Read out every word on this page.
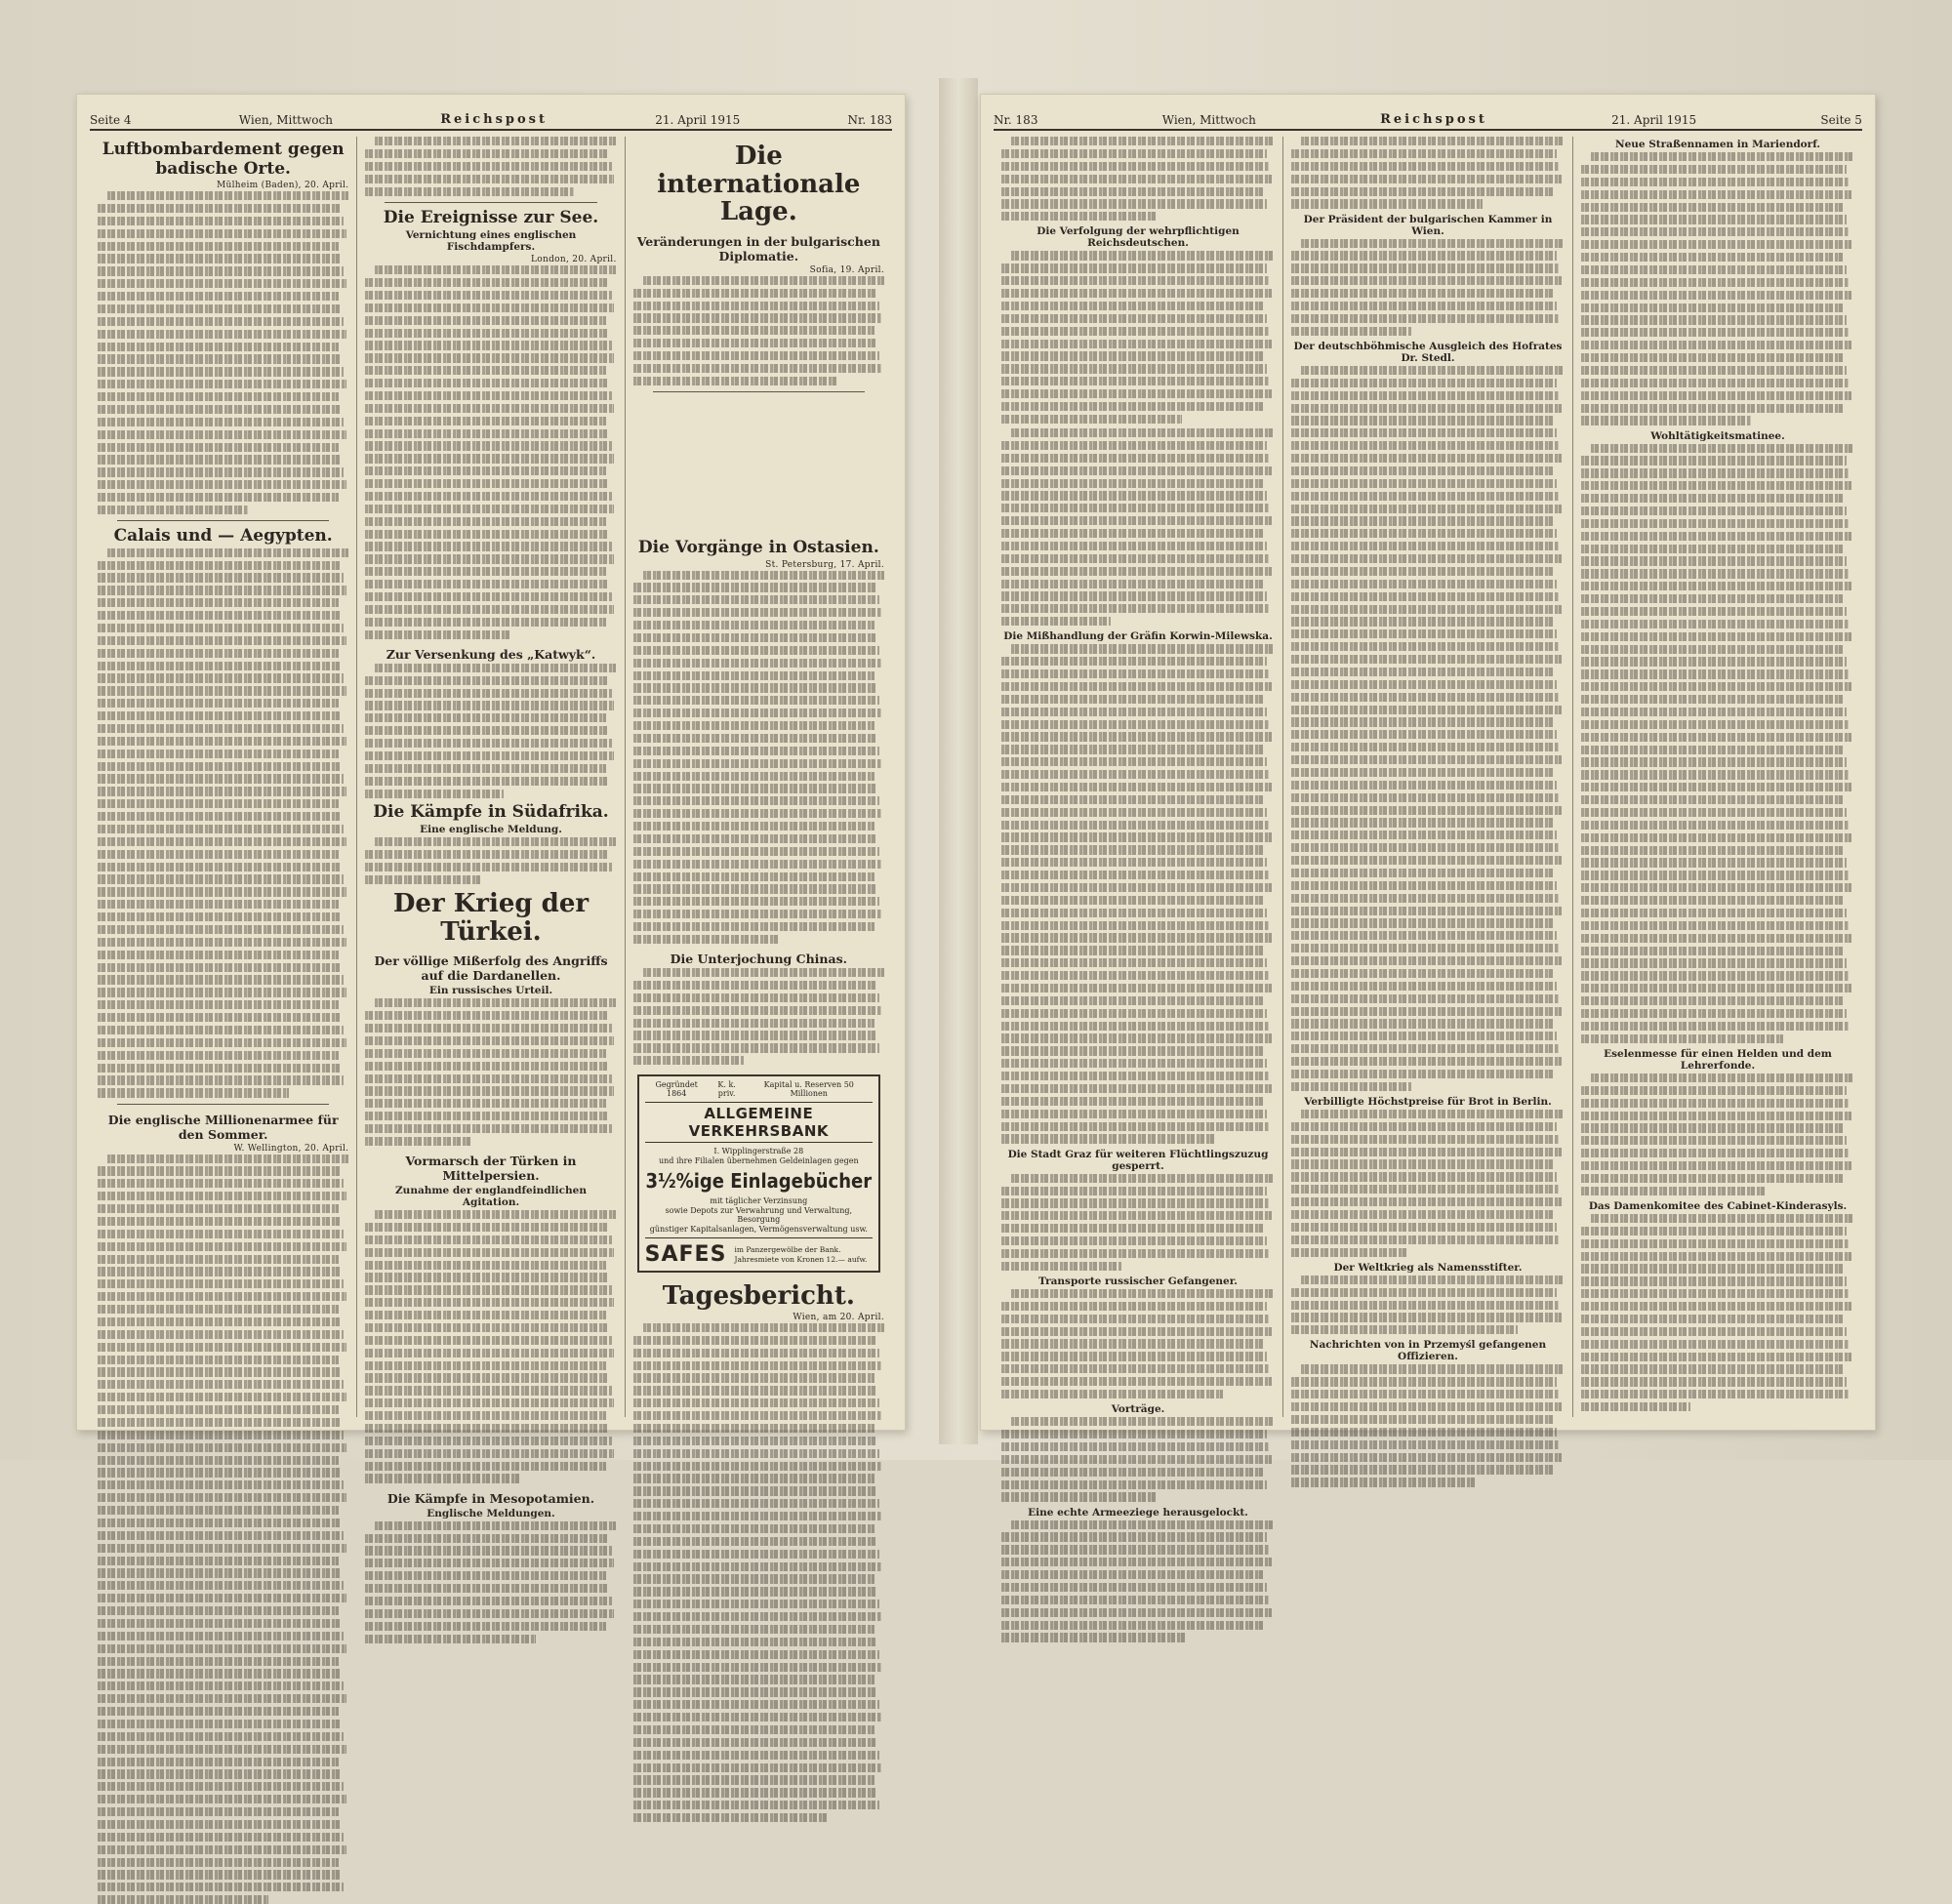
Seite 4	Wien, Mittwoch	Reichspost	21. April 1915	Nr. 183
Luftbombardement gegen badische Orte.
Mülheim (Baden), 20. April.
Calais und — Aegypten.
Die englische Millionenarmee für den Sommer.
W. Wellington, 20. April.
Die Ereignisse zur See.
Vernichtung eines englischen Fischdampfers.
London, 20. April.
Zur Versenkung des „Katwyk“.
Die Kämpfe in Südafrika.
Eine englische Meldung.
Der Krieg der Türkei.
Der völlige Mißerfolg des Angriffs auf die Dardanellen.
Ein russisches Urteil.
Vormarsch der Türken in Mittelpersien.
Zunahme der englandfeindlichen Agitation.
Die Kämpfe in Mesopotamien.
Englische Meldungen.
Die internationale Lage.
Veränderungen in der bulgarischen Diplomatie.
Sofia, 19. April.
Die Vorgänge in Ostasien.
St. Petersburg, 17. April.
Die Unterjochung Chinas.
Gegründet 1864
K. k. priv.
Kapital u. Reserven 50 Millionen
ALLGEMEINE VERKEHRSBANK
I. Wipplingerstraße 28
und ihre Filialen übernehmen Geldeinlagen gegen
3½%ige Einlagebücher
mit täglicher Verzinsung
sowie Depots zur Verwahrung und Verwaltung, Besorgung
günstiger Kapitalsanlagen, Vermögensverwaltung usw.
SAFES im Panzergewölbe der Bank. Jahresmiete von Kronen 12.— aufw.
Tagesbericht.
Wien, am 20. April.
Nr. 183	Wien, Mittwoch	Reichspost	21. April 1915	Seite 5
Die Verfolgung der wehrpflichtigen Reichsdeutschen.
Die Mißhandlung der Gräfin Korwin-Milewska.
Die Stadt Graz für weiteren Flüchtlingszuzug gesperrt.
Transporte russischer Gefangener.
Vorträge.
Eine echte Armeeziege herausgelockt.
Der Präsident der bulgarischen Kammer in Wien.
Der deutschböhmische Ausgleich des Hofrates Dr. Stedl.
Verbilligte Höchstpreise für Brot in Berlin.
Der Weltkrieg als Namensstifter.
Nachrichten von in Przemyśl gefangenen Offizieren.
Neue Straßennamen in Mariendorf.
Wohltätigkeitsmatinee.
Eselenmesse für einen Helden und dem Lehrerfonde.
Das Damenkomitee des Cabinet-Kinderasyls.
